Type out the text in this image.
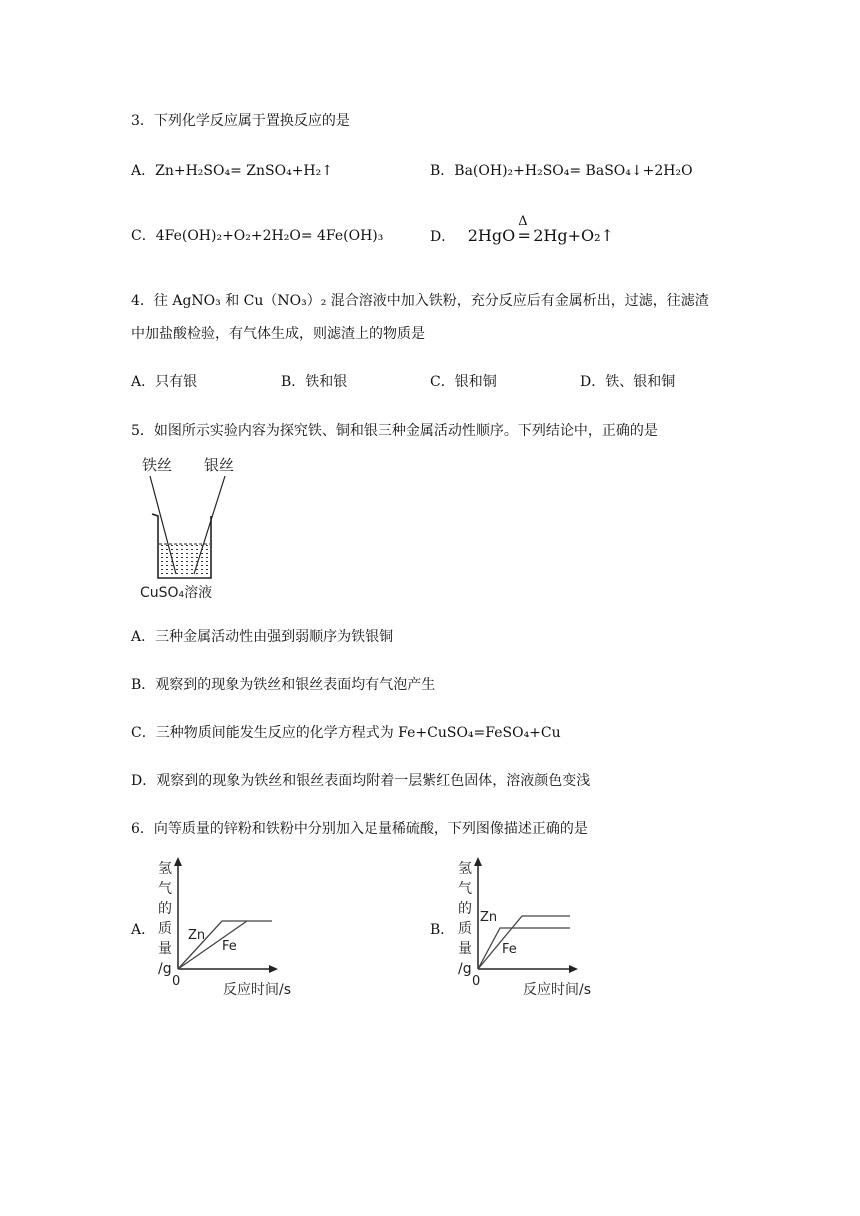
3．下列化学反应属于置换反应的是
A．Zn+H₂SO₄= ZnSO₄+H₂↑	B．Ba(OH)₂+H₂SO₄= BaSO₄↓+2H₂O
C．4Fe(OH)₂+O₂+2H₂O= 4Fe(OH)₃	D． 2HgO
Δ
= 2Hg+O₂↑
4．往 AgNO₃ 和 Cu（NO₃）₂ 混合溶液中加入铁粉，充分反应后有金属析出，过滤，往滤渣
中加盐酸检验，有气体生成，则滤渣上的物质是
A．只有银	B．铁和银	C．银和铜	D．铁、银和铜
5．如图所示实验内容为探究铁、铜和银三种金属活动性顺序。下列结论中，正确的是
铁丝 银丝
CuSO₄溶液
A．三种金属活动性由强到弱顺序为铁银铜
B．观察到的现象为铁丝和银丝表面均有气泡产生
C．三种物质间能发生反应的化学方程式为 Fe+CuSO₄=FeSO₄+Cu
D．观察到的现象为铁丝和银丝表面均附着一层紫红色固体，溶液颜色变浅
6．向等质量的锌粉和铁粉中分别加入足量稀硫酸，下列图像描述正确的是
A．
氢
气
的
质
量
/g
0
反应时间/s
Zn
Fe
B．
氢
气
的
质
量
/g
0
反应时间/s
Zn
Fe
